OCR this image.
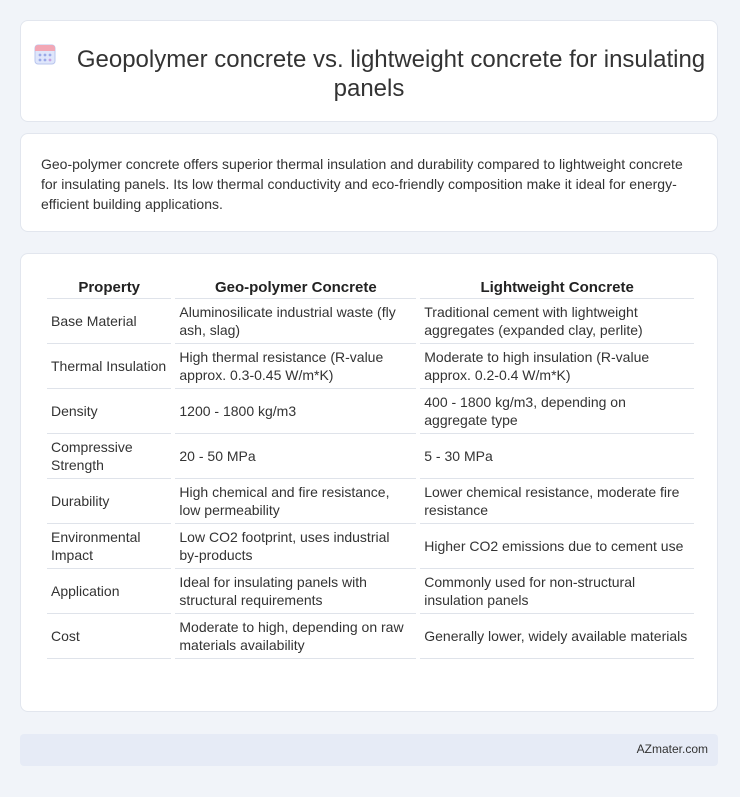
Geopolymer concrete vs. lightweight concrete for insulating panels
Geo-polymer concrete offers superior thermal insulation and durability compared to lightweight concrete for insulating panels. Its low thermal conductivity and eco-friendly composition make it ideal for energy-efficient building applications.
Property	Geo-polymer Concrete	Lightweight Concrete
Base Material	Aluminosilicate industrial waste (fly ash, slag)	Traditional cement with lightweight aggregates (expanded clay, perlite)
Thermal Insulation	High thermal resistance (R-value approx. 0.3-0.45 W/m*K)	Moderate to high insulation (R-value approx. 0.2-0.4 W/m*K)
Density	1200 - 1800 kg/m3	400 - 1800 kg/m3, depending on aggregate type
Compressive Strength	20 - 50 MPa	5 - 30 MPa
Durability	High chemical and fire resistance, low permeability	Lower chemical resistance, moderate fire resistance
Environmental Impact	Low CO2 footprint, uses industrial by-products	Higher CO2 emissions due to cement use
Application	Ideal for insulating panels with structural requirements	Commonly used for non-structural insulation panels
Cost	Moderate to high, depending on raw materials availability	Generally lower, widely available materials
AZmater.com
